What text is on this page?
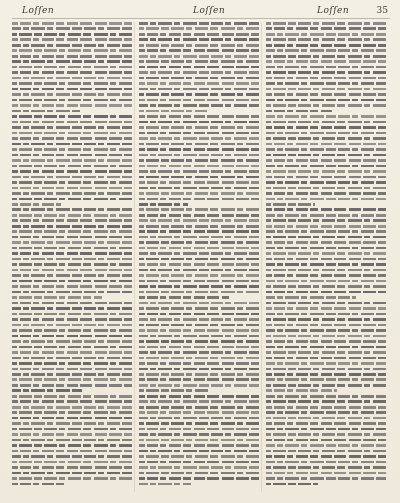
Loſſen	Loſſen	Loſſen	35
